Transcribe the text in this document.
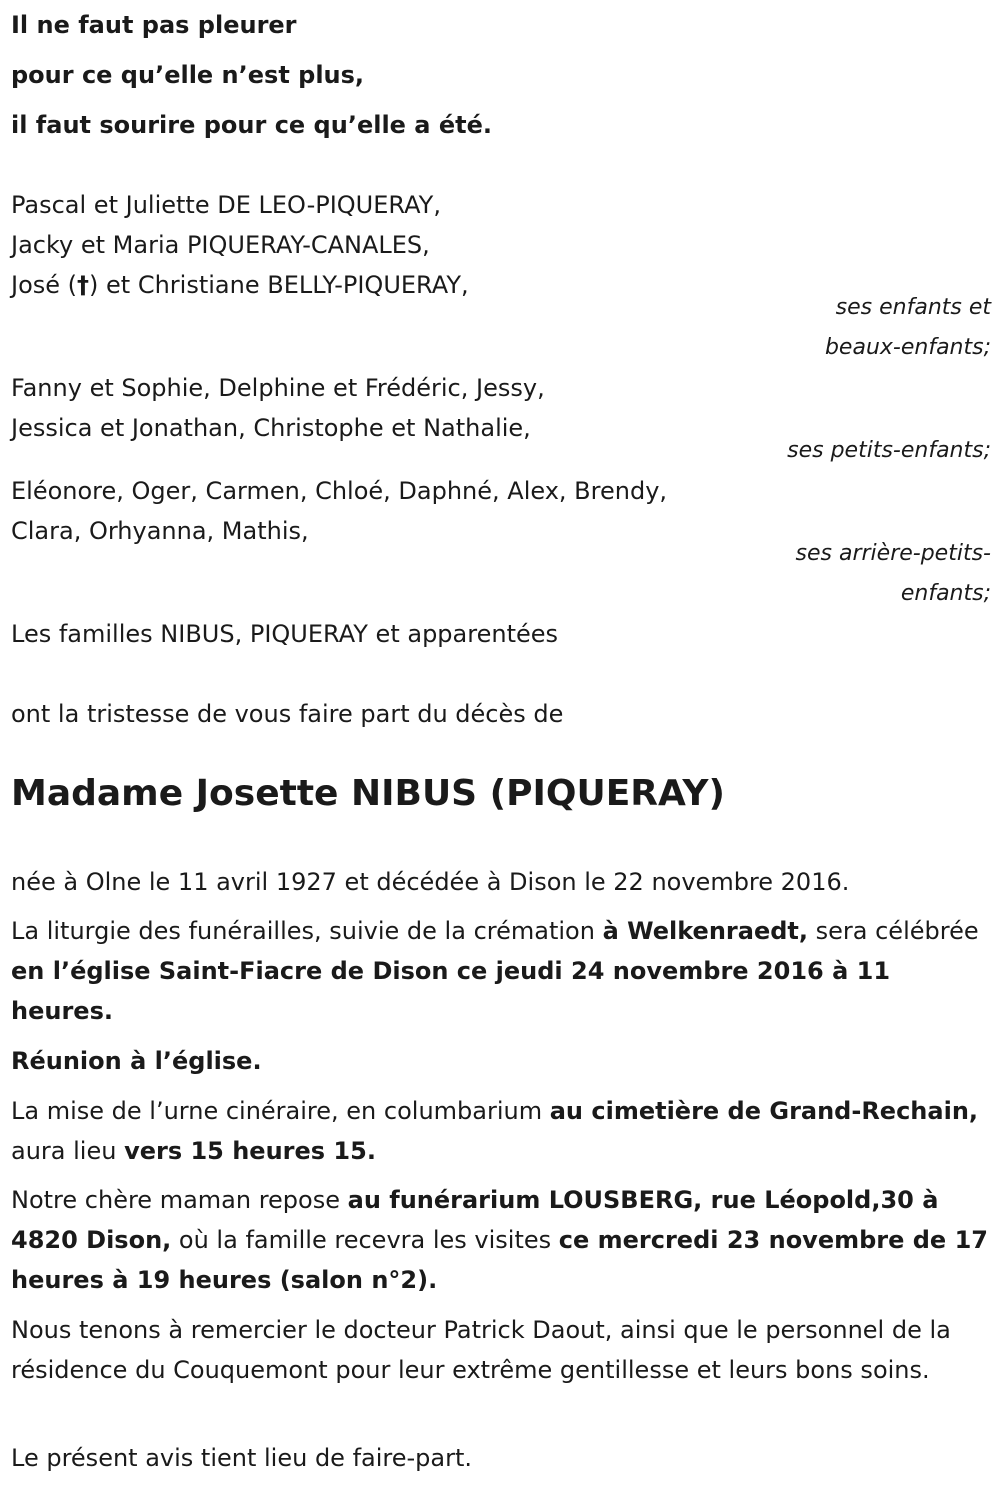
Il ne faut pas pleurer
pour ce qu’elle n’est plus,
il faut sourire pour ce qu’elle a été.
Pascal et Juliette DE LEO-PIQUERAY,
Jacky et Maria PIQUERAY-CANALES,
José (†) et Christiane BELLY-PIQUERAY,
ses enfants et
beaux-enfants;
Fanny et Sophie, Delphine et Frédéric, Jessy,
Jessica et Jonathan, Christophe et Nathalie,
ses petits-enfants;
Eléonore, Oger, Carmen, Chloé, Daphné, Alex, Brendy,
Clara, Orhyanna, Mathis,
ses arrière-petits-
enfants;
Les familles NIBUS, PIQUERAY et apparentées
ont la tristesse de vous faire part du décès de
Madame Josette NIBUS (PIQUERAY)

née à Olne le 11 avril 1927 et décédée à Dison le 22 novembre 2016.

La liturgie des funérailles, suivie de la crémation à Welkenraedt, sera célébrée en l’église Saint-Fiacre de Dison ce jeudi 24 novembre 2016 à 11 heures.

Réunion à l’église.

La mise de l’urne cinéraire, en columbarium au cimetière de Grand-Rechain, aura lieu vers 15 heures 15.

Notre chère maman repose au funérarium LOUSBERG, rue Léopold,30 à 4820 Dison, où la famille recevra les visites ce mercredi 23 novembre de 17 heures à 19 heures (salon n°2).

Nous tenons à remercier le docteur Patrick Daout, ainsi que le personnel de la résidence du Couquemont pour leur extrême gentillesse et leurs bons soins.

Le présent avis tient lieu de faire-part.
